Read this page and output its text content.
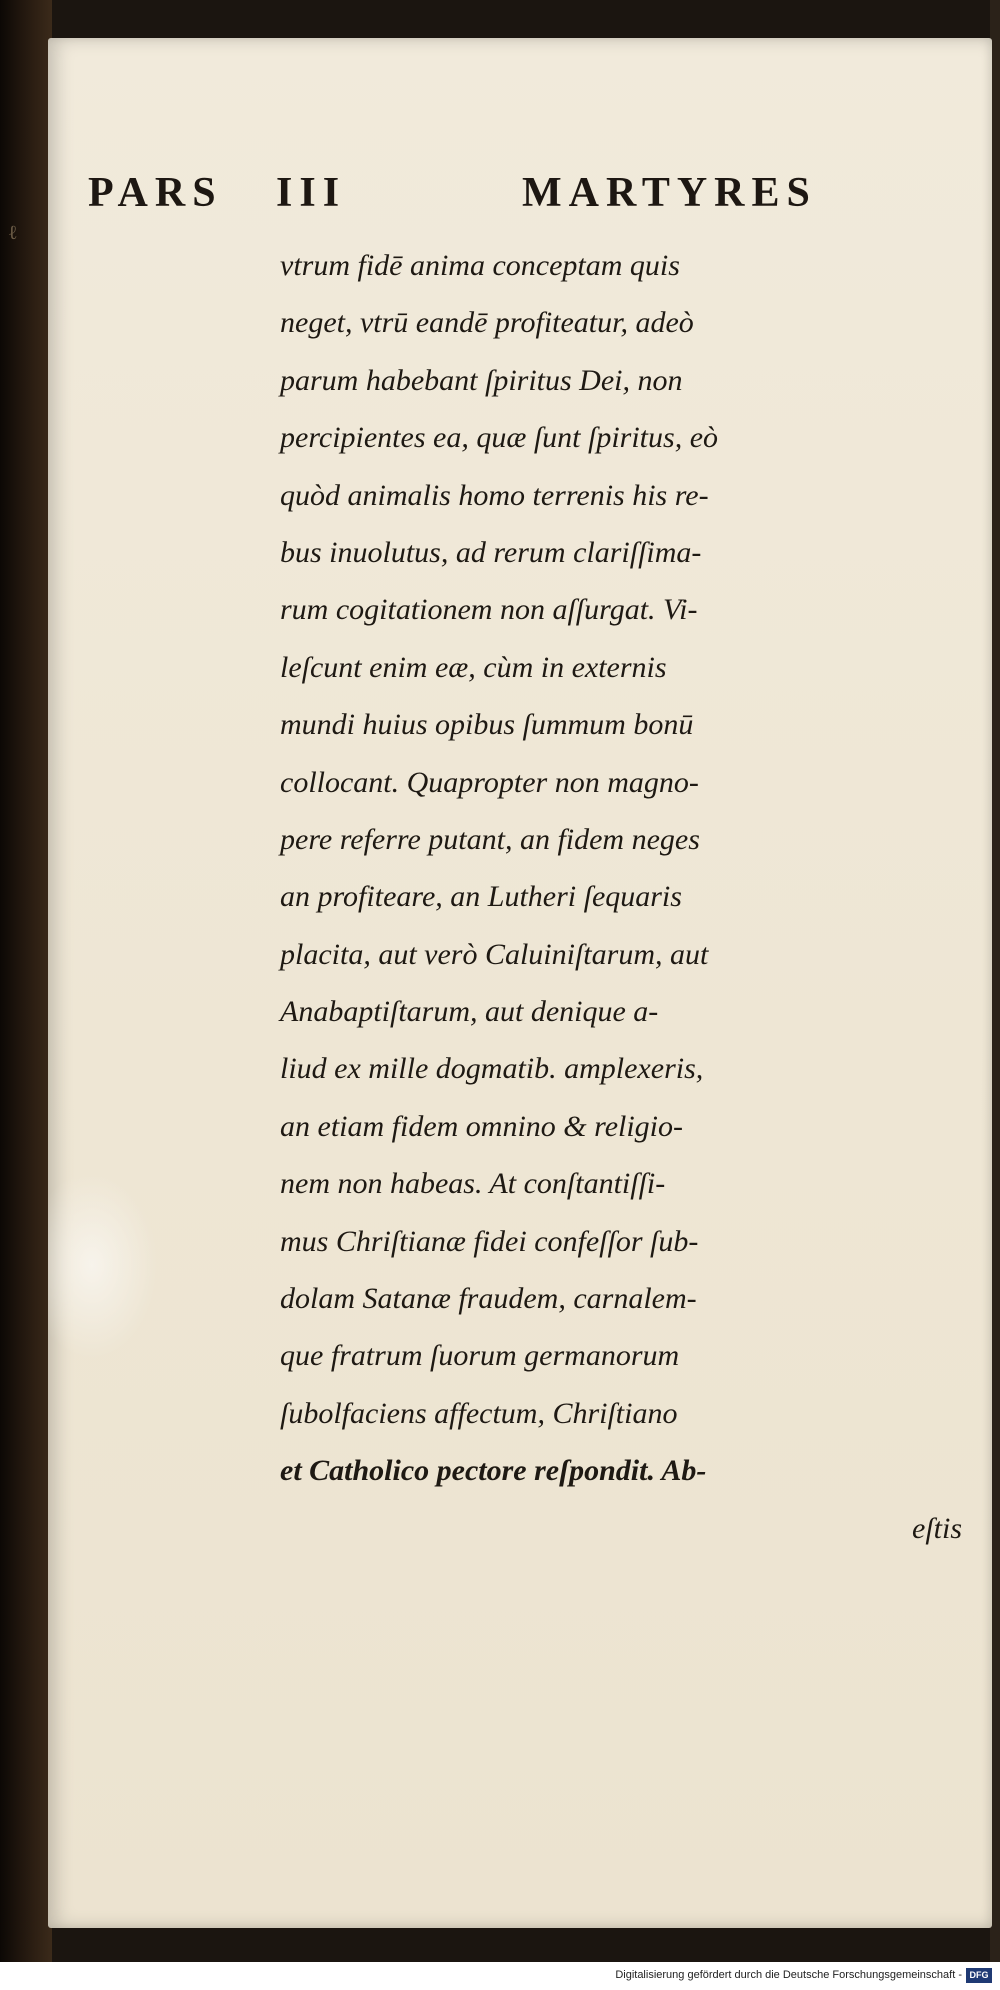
ℓ
PARS III	MARTYRES
vtrum fidē anima conceptam quis
neget, vtrū eandē profiteatur, adeò
parum habebant ſpiritus Dei, non
percipientes ea, quæ ſunt ſpiritus, eò
quòd animalis homo terrenis his re-
bus inuolutus, ad rerum clariſſima-
rum cogitationem non aſſurgat. Vi-
leſcunt enim eæ, cùm in externis
mundi huius opibus ſummum bonū
collocant. Quapropter non magno-
pere referre putant, an fidem neges
an profiteare, an Lutheri ſequaris
placita, aut verò Caluiniſtarum, aut
Anabaptiſtarum, aut denique a-
liud ex mille dogmatib. amplexeris,
an etiam fidem omnino & religio-
nem non habeas. At conſtantiſſi-
mus Chriſtianæ fidei confeſſor ſub-
dolam Satanæ fraudem, carnalem-
que fratrum ſuorum germanorum
ſubolfaciens affectum, Chriſtiano
et Catholico pectore reſpondit. Ab-
eſtis
Digitalisierung gefördert durch die Deutsche Forschungsgemeinschaft - DFG
